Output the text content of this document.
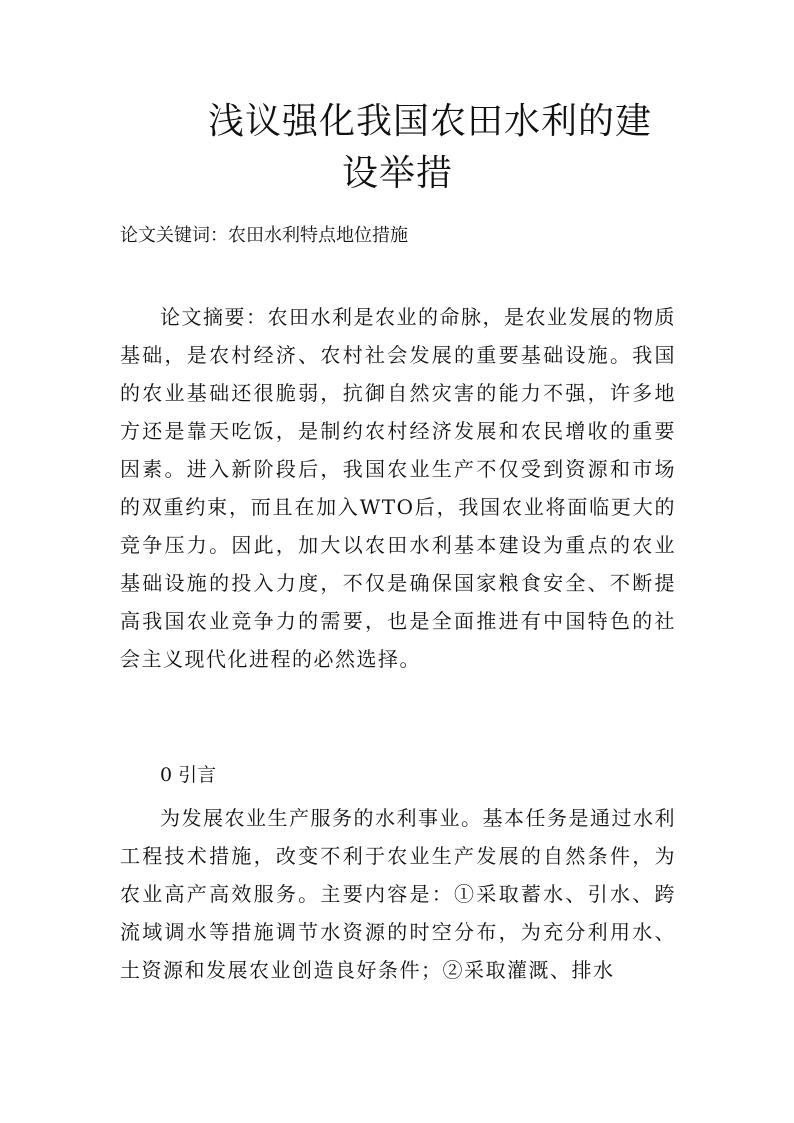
浅议强化我国农田水利的建
设举措
论文关键词：农田水利特点地位措施
论文摘要：农田水利是农业的命脉，是农业发展的物质基础，是农村经济、农村社会发展的重要基础设施。我国的农业基础还很脆弱，抗御自然灾害的能力不强，许多地方还是靠天吃饭，是制约农村经济发展和农民增收的重要因素。进入新阶段后，我国农业生产不仅受到资源和市场的双重约束，而且在加入WTO后，我国农业将面临更大的竞争压力。因此，加大以农田水利基本建设为重点的农业基础设施的投入力度，不仅是确保国家粮食安全、不断提高我国农业竞争力的需要，也是全面推进有中国特色的社会主义现代化进程的必然选择。
0 引言
为发展农业生产服务的水利事业。基本任务是通过水利工程技术措施，改变不利于农业生产发展的自然条件，为农业高产高效服务。主要内容是：①采取蓄水、引水、跨流域调水等措施调节水资源的时空分布，为充分利用水、土资源和发展农业创造良好条件；②采取灌溉、排水
